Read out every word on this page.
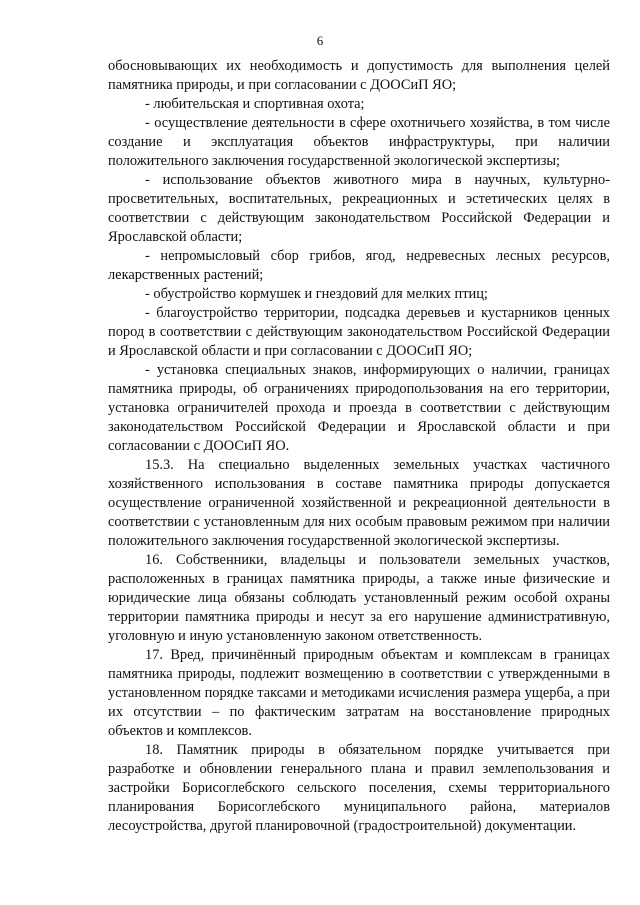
6

обосновывающих их необходимость и допустимость для выполнения целей памятника природы, и при согласовании с ДООСиП ЯО;

- любительская и спортивная охота;

- осуществление деятельности в сфере охотничьего хозяйства, в том числе создание и эксплуатация объектов инфраструктуры, при наличии положительного заключения государственной экологической экспертизы;

- использование объектов животного мира в научных, культурно-просветительных, воспитательных, рекреационных и эстетических целях в соответствии с действующим законодательством Российской Федерации и Ярославской области;

- непромысловый сбор грибов, ягод, недревесных лесных ресурсов, лекарственных растений;

- обустройство кормушек и гнездовий для мелких птиц;

- благоустройство территории, подсадка деревьев и кустарников ценных пород в соответствии с действующим законодательством Российской Федерации и Ярославской области и при согласовании с ДООСиП ЯО;

- установка специальных знаков, информирующих о наличии, границах памятника природы, об ограничениях природопользования на его территории, установка ограничителей прохода и проезда в соответствии с действующим законодательством Российской Федерации и Ярославской области и при согласовании с ДООСиП ЯО.

15.3. На специально выделенных земельных участках частичного хозяйственного использования в составе памятника природы допускается осуществление ограниченной хозяйственной и рекреационной деятельности в соответствии с установленным для них особым правовым режимом при наличии положительного заключения государственной экологической экспертизы.

16. Собственники, владельцы и пользователи земельных участков, расположенных в границах памятника природы, а также иные физические и юридические лица обязаны соблюдать установленный режим особой охраны территории памятника природы и несут за его нарушение административную, уголовную и иную установленную законом ответственность.

17. Вред, причинённый природным объектам и комплексам в границах памятника природы, подлежит возмещению в соответствии с утвержденными в установленном порядке таксами и методиками исчисления размера ущерба, а при их отсутствии – по фактическим затратам на восстановление природных объектов и комплексов.

18. Памятник природы в обязательном порядке учитывается при разработке и обновлении генерального плана и правил землепользования и застройки Борисоглебского сельского поселения, схемы территориального планирования Борисоглебского муниципального района, материалов лесоустройства, другой планировочной (градостроительной) документации.
